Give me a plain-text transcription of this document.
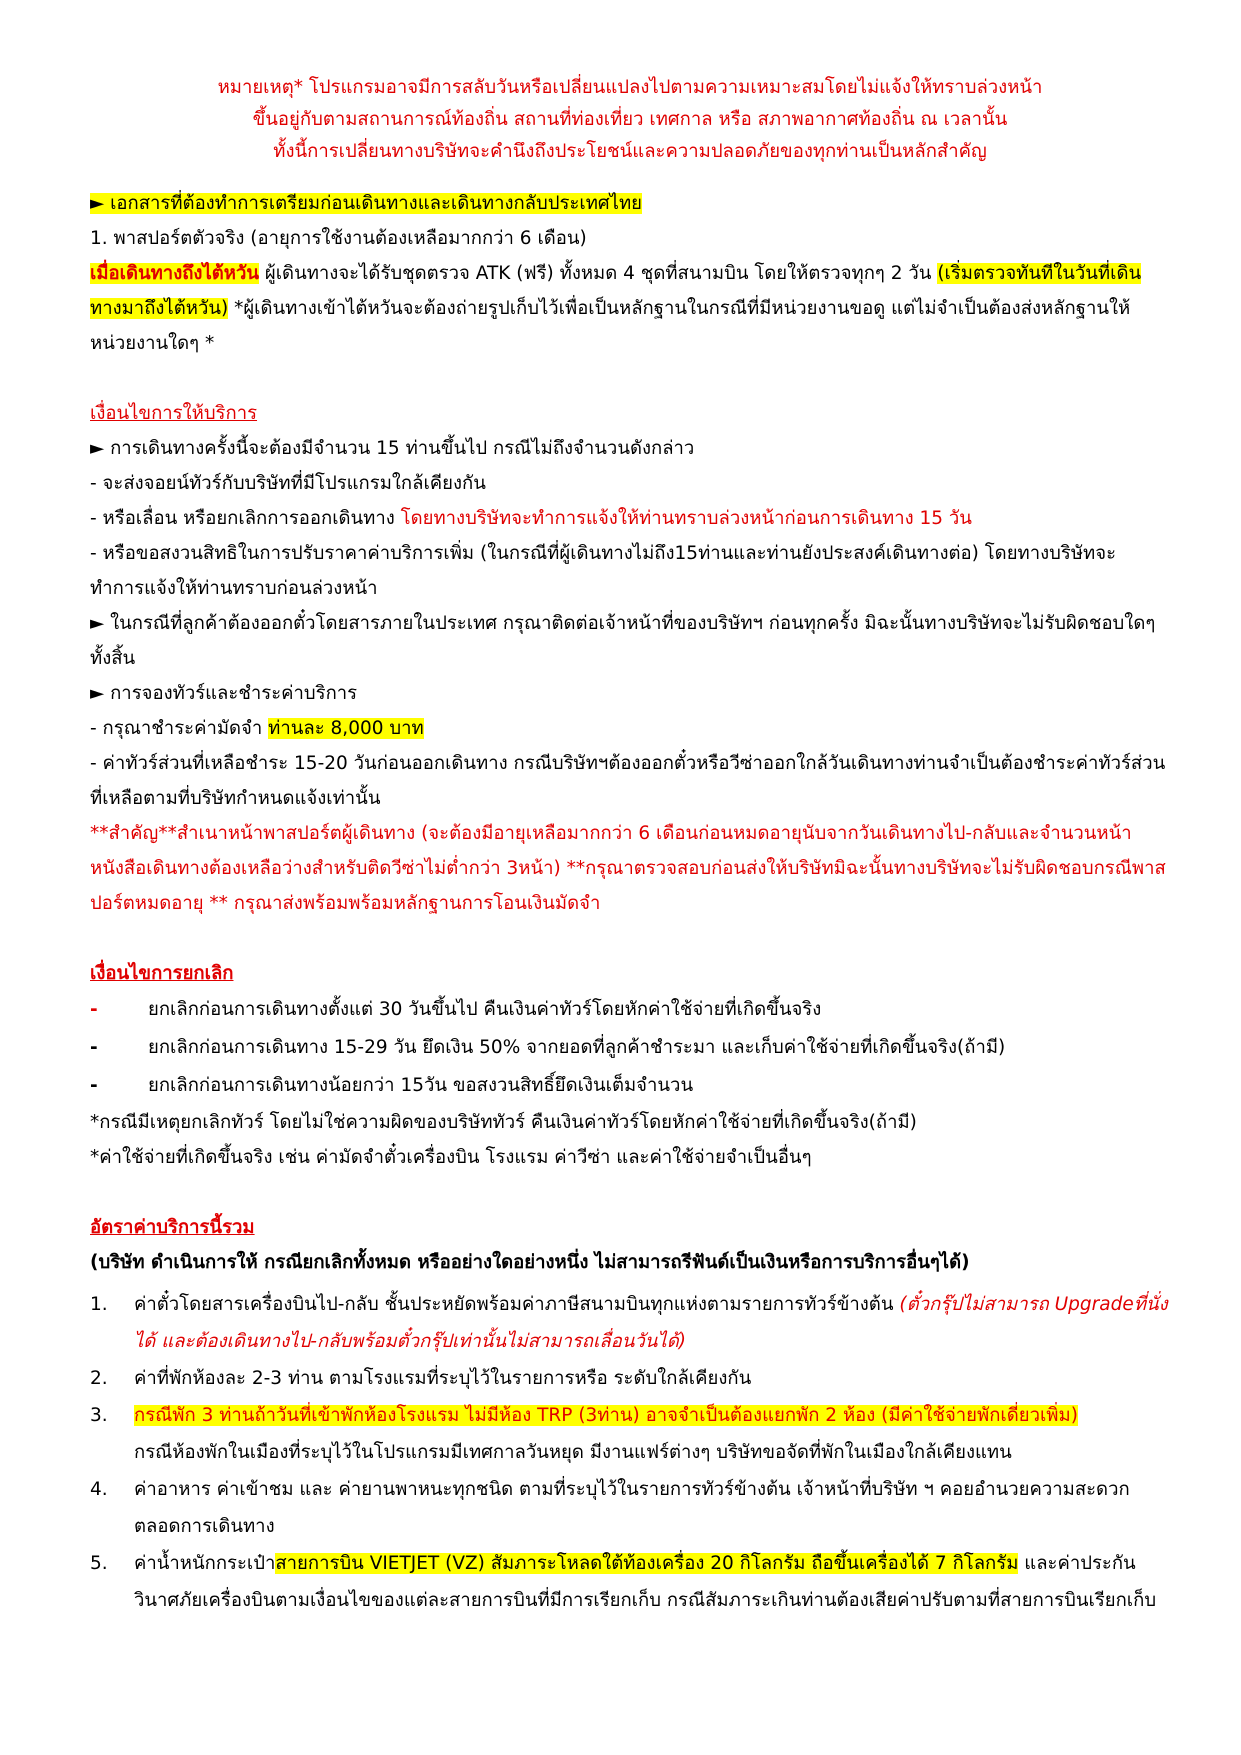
หมายเหตุ* โปรแกรมอาจมีการสลับวันหรือเปลี่ยนแปลงไปตามความเหมาะสมโดยไม่แจ้งให้ทราบล่วงหน้า
ขึ้นอยู่กับตามสถานการณ์ท้องถิ่น สถานที่ท่องเที่ยว เทศกาล หรือ สภาพอากาศท้องถิ่น ณ เวลานั้น
ทั้งนี้การเปลี่ยนทางบริษัทจะคำนึงถึงประโยชน์และความปลอดภัยของทุกท่านเป็นหลักสำคัญ

► เอกสารที่ต้องทำการเตรียมก่อนเดินทางและเดินทางกลับประเทศไทย

1. พาสปอร์ตตัวจริง (อายุการใช้งานต้องเหลือมากกว่า 6 เดือน)

เมื่อเดินทางถึงไต้หวัน ผู้เดินทางจะได้รับชุดตรวจ ATK (ฟรี) ทั้งหมด 4 ชุดที่สนามบิน โดยให้ตรวจทุกๆ 2 วัน (เริ่มตรวจทันทีในวันที่เดินทางมาถึงไต้หวัน) *ผู้เดินทางเข้าไต้หวันจะต้องถ่ายรูปเก็บไว้เพื่อเป็นหลักฐานในกรณีที่มีหน่วยงานขอดู แต่ไม่จำเป็นต้องส่งหลักฐานให้หน่วยงานใดๆ *

เงื่อนไขการให้บริการ

► การเดินทางครั้งนี้จะต้องมีจำนวน 15 ท่านขึ้นไป กรณีไม่ถึงจำนวนดังกล่าว

- จะส่งจอยน์ทัวร์กับบริษัทที่มีโปรแกรมใกล้เคียงกัน

- หรือเลื่อน หรือยกเลิกการออกเดินทาง โดยทางบริษัทจะทำการแจ้งให้ท่านทราบล่วงหน้าก่อนการเดินทาง 15 วัน

- หรือขอสงวนสิทธิในการปรับราคาค่าบริการเพิ่ม (ในกรณีที่ผู้เดินทางไม่ถึง15ท่านและท่านยังประสงค์เดินทางต่อ) โดยทางบริษัทจะทำการแจ้งให้ท่านทราบก่อนล่วงหน้า

► ในกรณีที่ลูกค้าต้องออกตั๋วโดยสารภายในประเทศ กรุณาติดต่อเจ้าหน้าที่ของบริษัทฯ ก่อนทุกครั้ง มิฉะนั้นทางบริษัทจะไม่รับผิดชอบใดๆ ทั้งสิ้น

► การจองทัวร์และชำระค่าบริการ

- กรุณาชำระค่ามัดจำ ท่านละ 8,000 บาท

- ค่าทัวร์ส่วนที่เหลือชำระ 15-20 วันก่อนออกเดินทาง กรณีบริษัทฯต้องออกตั๋วหรือวีซ่าออกใกล้วันเดินทางท่านจำเป็นต้องชำระค่าทัวร์ส่วนที่เหลือตามที่บริษัทกำหนดแจ้งเท่านั้น

**สำคัญ**สำเนาหน้าพาสปอร์ตผู้เดินทาง (จะต้องมีอายุเหลือมากกว่า 6 เดือนก่อนหมดอายุนับจากวันเดินทางไป-กลับและจำนวนหน้าหนังสือเดินทางต้องเหลือว่างสำหรับติดวีซ่าไม่ต่ำกว่า 3หน้า) **กรุณาตรวจสอบก่อนส่งให้บริษัทมิฉะนั้นทางบริษัทจะไม่รับผิดชอบกรณีพาสปอร์ตหมดอายุ ** กรุณาส่งพร้อมพร้อมหลักฐานการโอนเงินมัดจำ

เงื่อนไขการยกเลิก

-	ยกเลิกก่อนการเดินทางตั้งแต่ 30 วันขึ้นไป คืนเงินค่าทัวร์โดยหักค่าใช้จ่ายที่เกิดขึ้นจริง
-	ยกเลิกก่อนการเดินทาง 15-29 วัน ยึดเงิน 50% จากยอดที่ลูกค้าชำระมา และเก็บค่าใช้จ่ายที่เกิดขึ้นจริง(ถ้ามี)
-	ยกเลิกก่อนการเดินทางน้อยกว่า 15วัน ขอสงวนสิทธิ์ยึดเงินเต็มจำนวน

*กรณีมีเหตุยกเลิกทัวร์ โดยไม่ใช่ความผิดของบริษัททัวร์ คืนเงินค่าทัวร์โดยหักค่าใช้จ่ายที่เกิดขึ้นจริง(ถ้ามี)

*ค่าใช้จ่ายที่เกิดขึ้นจริง เช่น ค่ามัดจำตั๋วเครื่องบิน โรงแรม ค่าวีซ่า และค่าใช้จ่ายจำเป็นอื่นๆ

อัตราค่าบริการนี้รวม

(บริษัท ดำเนินการให้ กรณียกเลิกทั้งหมด หรืออย่างใดอย่างหนึ่ง ไม่สามารถรีฟันด์เป็นเงินหรือการบริการอื่นๆได้)

1.	ค่าตั๋วโดยสารเครื่องบินไป-กลับ ชั้นประหยัดพร้อมค่าภาษีสนามบินทุกแห่งตามรายการทัวร์ข้างต้น (ตั๋วกรุ๊ปไม่สามารถ Upgradeที่นั่ง ได้ และต้องเดินทางไป-กลับพร้อมตั๋วกรุ๊ปเท่านั้นไม่สามารถเลื่อนวันได้)
2.	ค่าที่พักห้องละ 2-3 ท่าน ตามโรงแรมที่ระบุไว้ในรายการหรือ ระดับใกล้เคียงกัน
3.	กรณีพัก 3 ท่านถ้าวันที่เข้าพักห้องโรงแรม ไม่มีห้อง TRP (3ท่าน) อาจจำเป็นต้องแยกพัก 2 ห้อง (มีค่าใช้จ่ายพักเดี่ยวเพิ่ม)
กรณีห้องพักในเมืองที่ระบุไว้ในโปรแกรมมีเทศกาลวันหยุด มีงานแฟร์ต่างๆ บริษัทขอจัดที่พักในเมืองใกล้เคียงแทน
4.	ค่าอาหาร ค่าเข้าชม และ ค่ายานพาหนะทุกชนิด ตามที่ระบุไว้ในรายการทัวร์ข้างต้น เจ้าหน้าที่บริษัท ฯ คอยอำนวยความสะดวกตลอดการเดินทาง
5.	ค่าน้ำหนักกระเป๋าสายการบิน VIETJET (VZ) สัมภาระโหลดใต้ท้องเครื่อง 20 กิโลกรัม ถือขึ้นเครื่องได้ 7 กิโลกรัม และค่าประกันวินาศภัยเครื่องบินตามเงื่อนไขของแต่ละสายการบินที่มีการเรียกเก็บ กรณีสัมภาระเกินท่านต้องเสียค่าปรับตามที่สายการบินเรียกเก็บ
